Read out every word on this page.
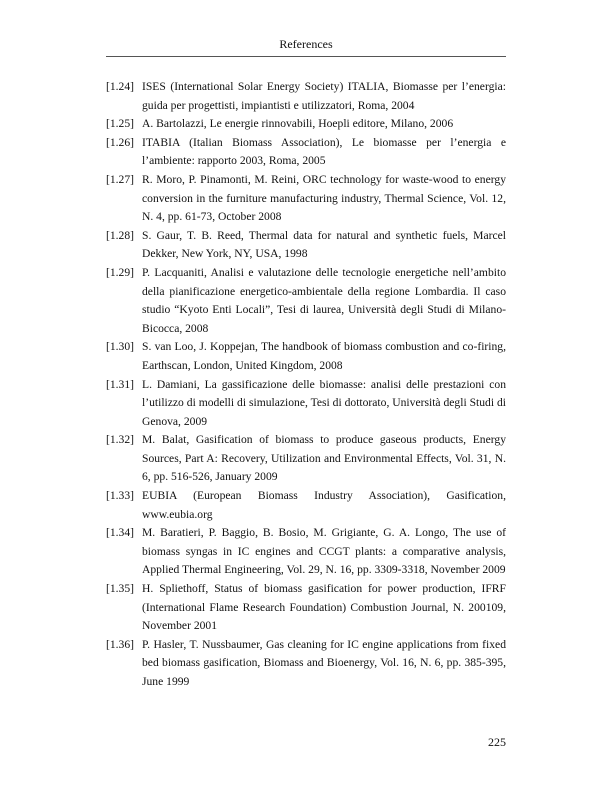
References
[1.24] ISES (International Solar Energy Society) ITALIA, Biomasse per l’energia: guida per progettisti, impiantisti e utilizzatori, Roma, 2004
[1.25] A. Bartolazzi, Le energie rinnovabili, Hoepli editore, Milano, 2006
[1.26] ITABIA (Italian Biomass Association), Le biomasse per l’energia e l’ambiente: rapporto 2003, Roma, 2005
[1.27] R. Moro, P. Pinamonti, M. Reini, ORC technology for waste-wood to energy conversion in the furniture manufacturing industry, Thermal Science, Vol. 12, N. 4, pp. 61-73, October 2008
[1.28] S. Gaur, T. B. Reed, Thermal data for natural and synthetic fuels, Marcel Dekker, New York, NY, USA, 1998
[1.29] P. Lacquaniti, Analisi e valutazione delle tecnologie energetiche nell’ambito della pianificazione energetico-ambientale della regione Lombardia. Il caso studio “Kyoto Enti Locali”, Tesi di laurea, Università degli Studi di Milano-Bicocca, 2008
[1.30] S. van Loo, J. Koppejan, The handbook of biomass combustion and co-firing, Earthscan, London, United Kingdom, 2008
[1.31] L. Damiani, La gassificazione delle biomasse: analisi delle prestazioni con l’utilizzo di modelli di simulazione, Tesi di dottorato, Università degli Studi di Genova, 2009
[1.32] M. Balat, Gasification of biomass to produce gaseous products, Energy Sources, Part A: Recovery, Utilization and Environmental Effects, Vol. 31, N. 6, pp. 516-526, January 2009
[1.33] EUBIA (European Biomass Industry Association), Gasification, www.eubia.org
[1.34] M. Baratieri, P. Baggio, B. Bosio, M. Grigiante, G. A. Longo, The use of biomass syngas in IC engines and CCGT plants: a comparative analysis, Applied Thermal Engineering, Vol. 29, N. 16, pp. 3309-3318, November 2009
[1.35] H. Spliethoff, Status of biomass gasification for power production, IFRF (International Flame Research Foundation) Combustion Journal, N. 200109, November 2001
[1.36] P. Hasler, T. Nussbaumer, Gas cleaning for IC engine applications from fixed bed biomass gasification, Biomass and Bioenergy, Vol. 16, N. 6, pp. 385-395, June 1999
225
